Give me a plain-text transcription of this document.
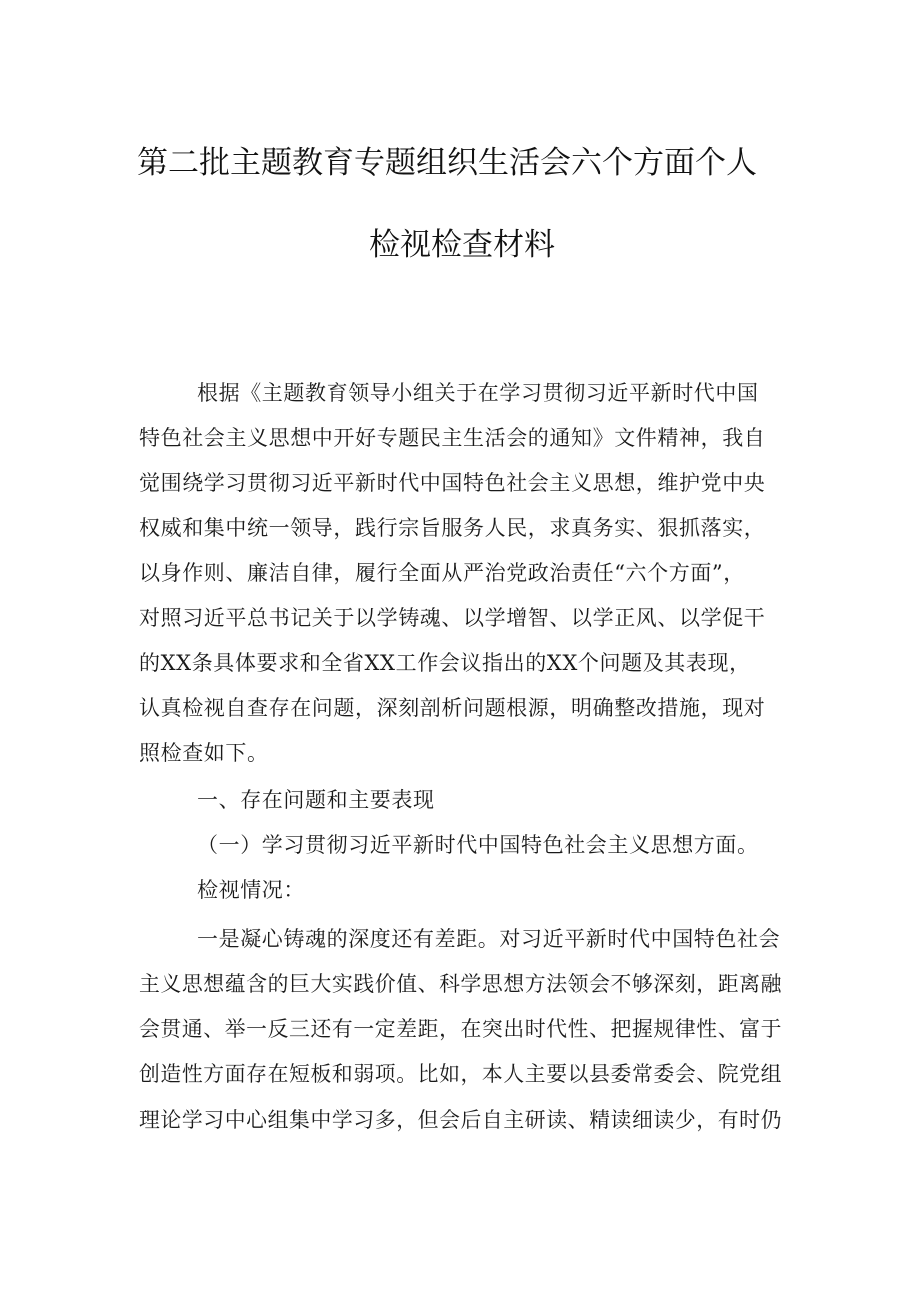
第二批主题教育专题组织生活会六个方面个人
检视检查材料
根据《主题教育领导小组关于在学习贯彻习近平新时代中国
特色社会主义思想中开好专题民主生活会的通知》文件精神，我自
觉围绕学习贯彻习近平新时代中国特色社会主义思想，维护党中央
权威和集中统一领导，践行宗旨服务人民，求真务实、狠抓落实，
以身作则、廉洁自律，履行全面从严治党政治责任“六个方面”，
对照习近平总书记关于以学铸魂、以学增智、以学正风、以学促干
的XX条具体要求和全省XX工作会议指出的XX个问题及其表现，
认真检视自查存在问题，深刻剖析问题根源，明确整改措施，现对
照检查如下。
一、存在问题和主要表现
（一）学习贯彻习近平新时代中国特色社会主义思想方面。
检视情况：
一是凝心铸魂的深度还有差距。对习近平新时代中国特色社会
主义思想蕴含的巨大实践价值、科学思想方法领会不够深刻，距离融
会贯通、举一反三还有一定差距，在突出时代性、把握规律性、富于
创造性方面存在短板和弱项。比如，本人主要以县委常委会、院党组
理论学习中心组集中学习多，但会后自主研读、精读细读少，有时仍
